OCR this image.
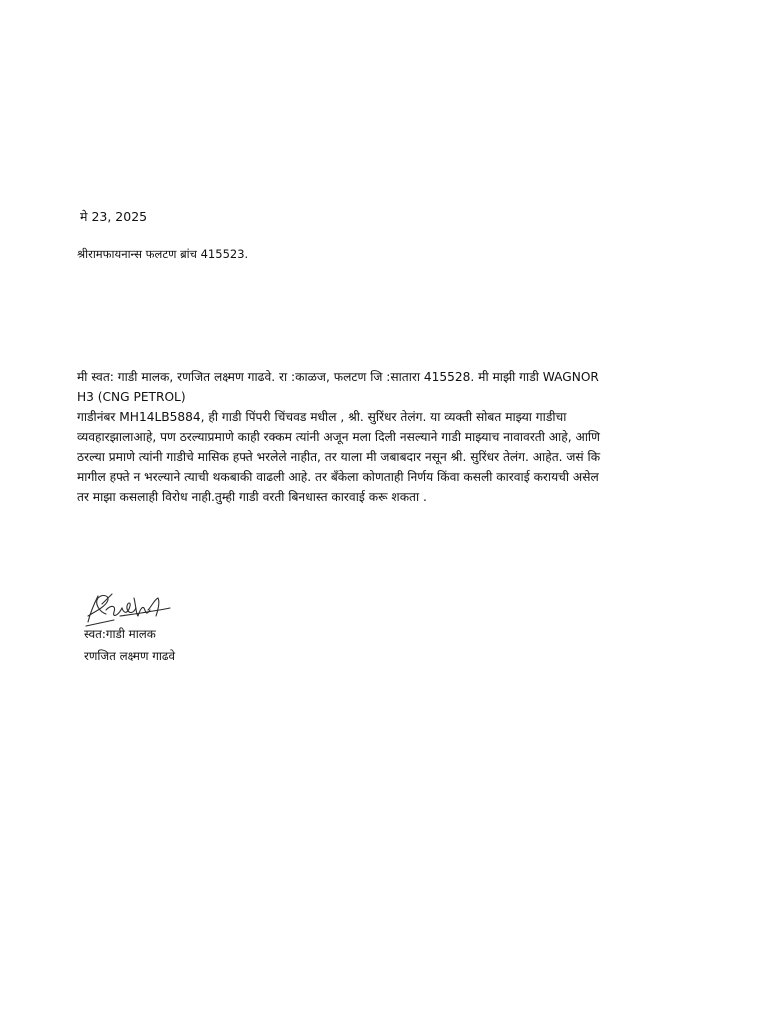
मे 23, 2025
श्रीरामफायनान्स फलटण ब्रांच 415523.
मी स्वत: गाडी मालक, रणजित लक्ष्मण गाढवे. रा :काळज, फलटण जि :सातारा 415528. मी माझी गाडी WAGNOR
H3 (CNG PETROL)
गाडीनंबर MH14LB5884, ही गाडी पिंपरी चिंचवड मधील , श्री. सुरिंधर तेलंग. या व्यक्ती सोबत माझ्या गाडीचा
व्यवहारझालाआहे, पण ठरल्याप्रमाणे काही रक्कम त्यांनी अजून मला दिली नसल्याने गाडी माझ्याच नावावरती आहे, आणि
ठरल्या प्रमाणे त्यांनी गाडीचे मासिक हफ्ते भरलेले नाहीत, तर याला मी जबाबदार नसून श्री. सुरिंधर तेलंग. आहेत. जसं कि
मागील हफ्ते न भरल्याने त्याची थकबाकी वाढली आहे. तर बँकेला कोणताही निर्णय किंवा कसली कारवाई करायची असेल
तर माझा कसलाही विरोध नाही.तुम्ही गाडी वरती बिनधास्त कारवाई करू शकता .
स्वत:गाडी मालक
रणजित लक्ष्मण गाढवे
